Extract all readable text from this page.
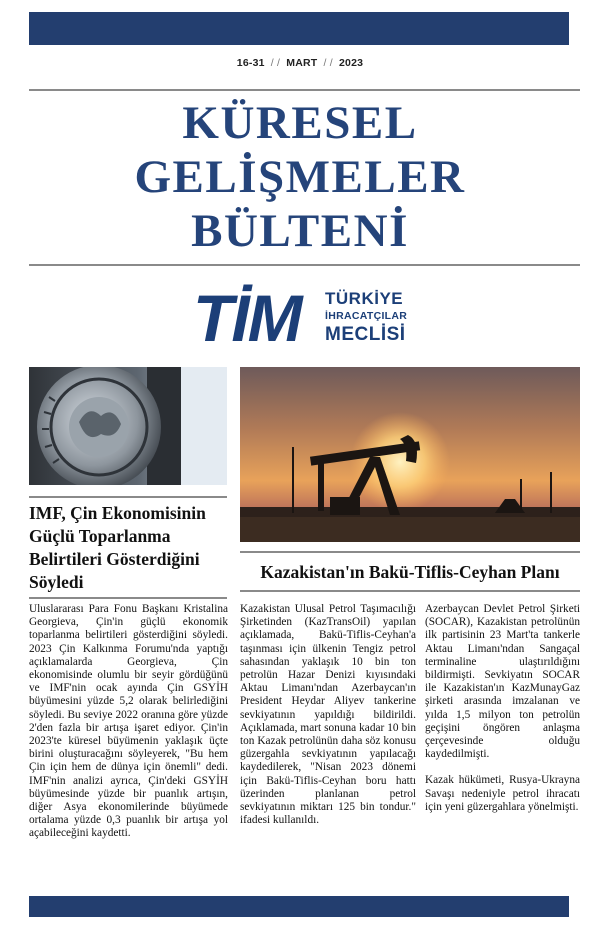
16-31 / / MART / / 2023
KÜRESEL
GELİŞMELER
BÜLTENİ
TİM TÜRKİYE
İHRACATÇILAR
MECLİSİ
IMF, Çin Ekonomisinin Güçlü Toparlanma Belirtileri Gösterdiğini Söyledi	Kazakistan'ın Bakü-Tiflis-Ceyhan Planı

Uluslararası Para Fonu Başkanı Kristalina Georgieva, Çin'in güçlü ekonomik toparlanma belirtileri gösterdiğini söyledi. 2023 Çin Kalkınma Forumu'nda yaptığı açıklamalarda Georgieva, Çin ekonomisinde olumlu bir seyir gördüğünü ve IMF'nin ocak ayında Çin GSYİH büyümesini yüzde 5,2 olarak belirlediğini söyledi. Bu seviye 2022 oranına göre yüzde 2'den fazla bir artışa işaret ediyor. Çin'in 2023'te küresel büyümenin yaklaşık üçte birini oluşturacağını söyleyerek, "Bu hem Çin için hem de dünya için önemli" dedi. IMF'nin analizi ayrıca, Çin'deki GSYİH büyümesinde yüzde bir puanlık artışın, diğer Asya ekonomilerinde büyümede ortalama yüzde 0,3 puanlık bir artışa yol açabileceğini kaydetti.

Kazakistan Ulusal Petrol Taşımacılığı Şirketinden (KazTransOil) yapılan açıklamada, Bakü-Tiflis-Ceyhan'a taşınması için ülkenin Tengiz petrol sahasından yaklaşık 10 bin ton petrolün Hazar Denizi kıyısındaki Aktau Limanı'ndan Azerbaycan'ın President Heydar Aliyev tankerine sevkiyatının yapıldığı bildirildi. Açıklamada, mart sonuna kadar 10 bin ton Kazak petrolünün daha söz konusu güzergahla sevkiyatının yapılacağı kaydedilerek, "Nisan 2023 dönemi için Bakü-Tiflis-Ceyhan boru hattı üzerinden planlanan petrol sevkiyatının miktarı 125 bin tondur." ifadesi kullanıldı.

Azerbaycan Devlet Petrol Şirketi (SOCAR), Kazakistan petrolünün ilk partisinin 23 Mart'ta tankerle Aktau Limanı'ndan Sangaçal terminaline ulaştırıldığını bildirmişti. Sevkiyatın SOCAR ile Kazakistan'ın KazMunayGaz şirketi arasında imzalanan ve yılda 1,5 milyon ton petrolün geçişini öngören anlaşma çerçevesinde olduğu kaydedilmişti.

Kazak hükümeti, Rusya-Ukrayna Savaşı nedeniyle petrol ihracatı için yeni güzergahlara yönelmişti.
